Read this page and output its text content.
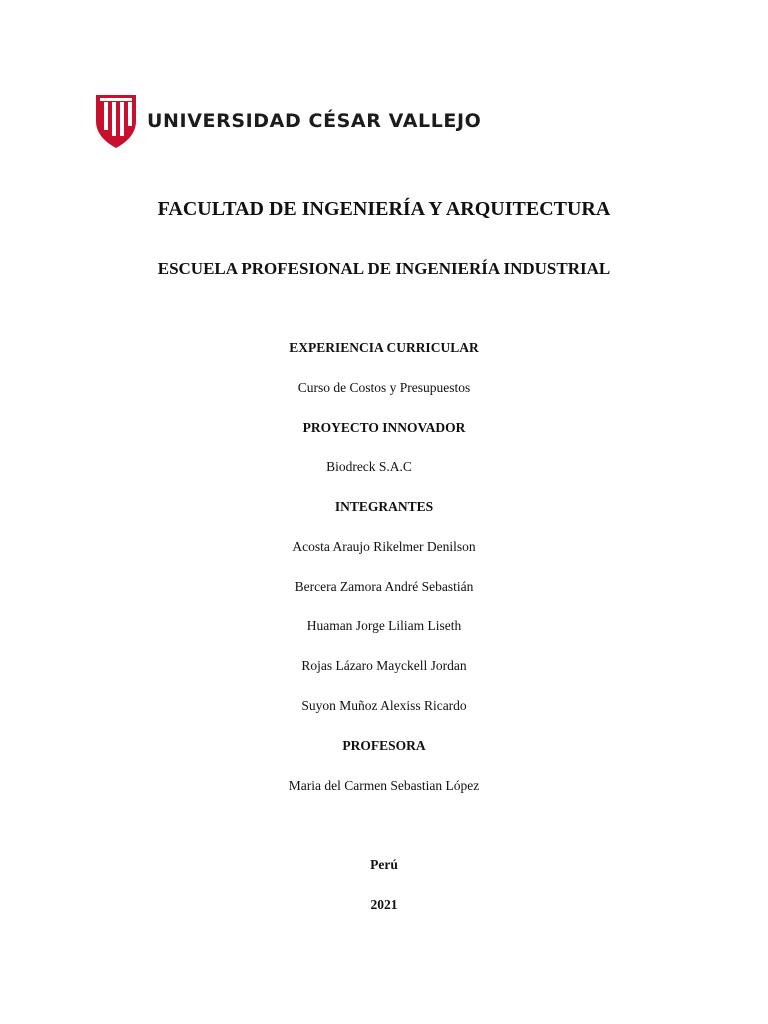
UNIVERSIDAD CÉSAR VALLEJO
FACULTAD DE INGENIERÍA Y ARQUITECTURA
ESCUELA PROFESIONAL DE INGENIERÍA INDUSTRIAL
EXPERIENCIA CURRICULAR
Curso de Costos y Presupuestos
PROYECTO INNOVADOR
Biodreck S.A.C
INTEGRANTES
Acosta Araujo Rikelmer Denilson
Bercera Zamora André Sebastián
Huaman Jorge Liliam Liseth
Rojas Lázaro Mayckell Jordan
Suyon Muñoz Alexiss Ricardo
PROFESORA
Maria del Carmen Sebastian López
Perú
2021
